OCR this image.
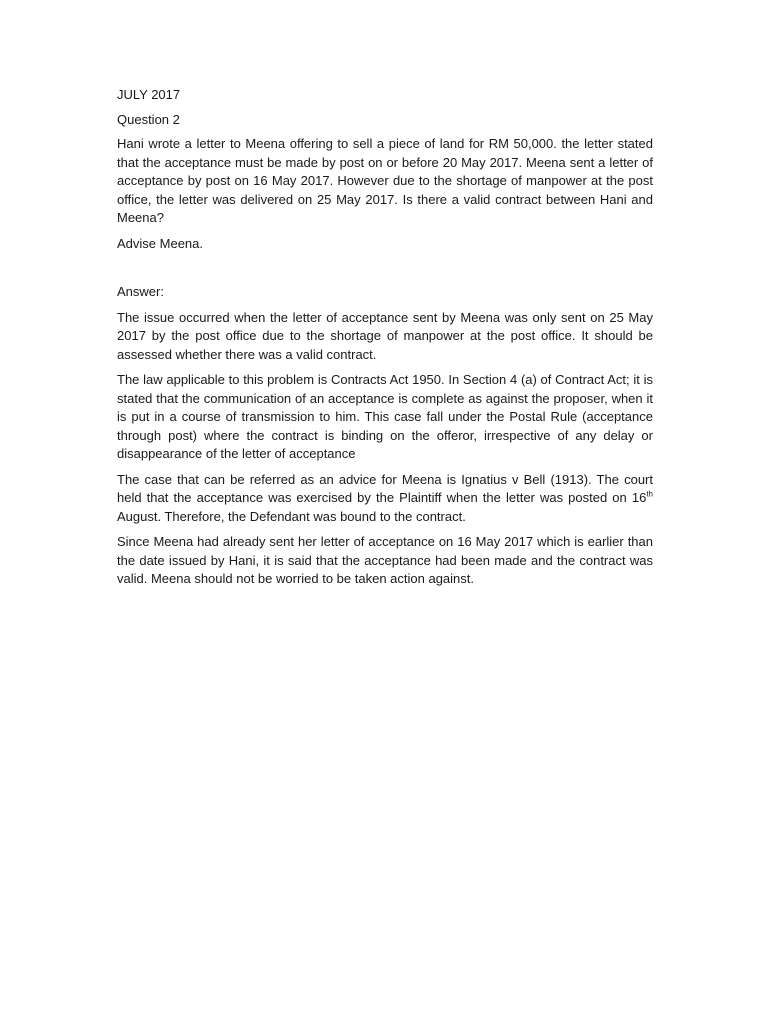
JULY 2017

Question 2

Hani wrote a letter to Meena offering to sell a piece of land for RM 50,000. the letter stated that the acceptance must be made by post on or before 20 May 2017. Meena sent a letter of acceptance by post on 16 May 2017. However due to the shortage of manpower at the post office, the letter was delivered on 25 May 2017. Is there a valid contract between Hani and Meena?

Advise Meena.

Answer:

The issue occurred when the letter of acceptance sent by Meena was only sent on 25 May 2017 by the post office due to the shortage of manpower at the post office. It should be assessed whether there was a valid contract.

The law applicable to this problem is Contracts Act 1950. In Section 4 (a) of Contract Act; it is stated that the communication of an acceptance is complete as against the proposer, when it is put in a course of transmission to him. This case fall under the Postal Rule (acceptance through post) where the contract is binding on the offeror, irrespective of any delay or disappearance of the letter of acceptance

The case that can be referred as an advice for Meena is Ignatius v Bell (1913). The court held that the acceptance was exercised by the Plaintiff when the letter was posted on 16th August. Therefore, the Defendant was bound to the contract.

Since Meena had already sent her letter of acceptance on 16 May 2017 which is earlier than the date issued by Hani, it is said that the acceptance had been made and the contract was valid. Meena should not be worried to be taken action against.
